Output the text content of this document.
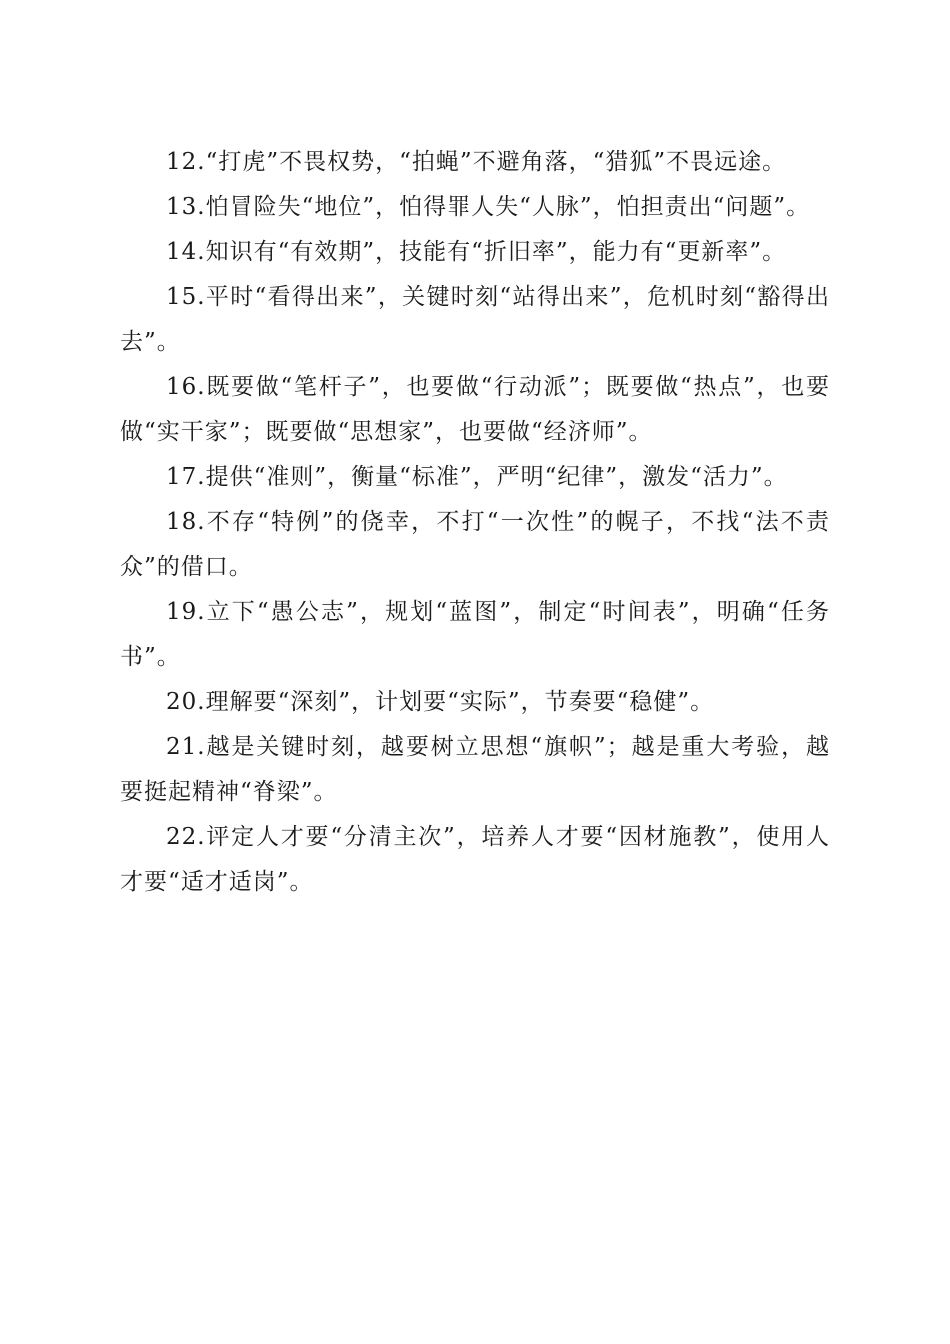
12.“打虎”不畏权势，“拍蝇”不避角落，“猎狐”不畏远途。

13.怕冒险失“地位”，怕得罪人失“人脉”，怕担责出“问题”。

14.知识有“有效期”，技能有“折旧率”，能力有“更新率”。

15.平时“看得出来”，关键时刻“站得出来”，危机时刻“豁得出去”。

16.既要做“笔杆子”，也要做“行动派”；既要做“热点”，也要做“实干家”；既要做“思想家”，也要做“经济师”。

17.提供“准则”，衡量“标准”，严明“纪律”，激发“活力”。

18.不存“特例”的侥幸，不打“一次性”的幌子，不找“法不责众”的借口。

19.立下“愚公志”，规划“蓝图”，制定“时间表”，明确“任务书”。

20.理解要“深刻”，计划要“实际”，节奏要“稳健”。

21.越是关键时刻，越要树立思想“旗帜”；越是重大考验，越要挺起精神“脊梁”。

22.评定人才要“分清主次”，培养人才要“因材施教”，使用人才要“适才适岗”。
